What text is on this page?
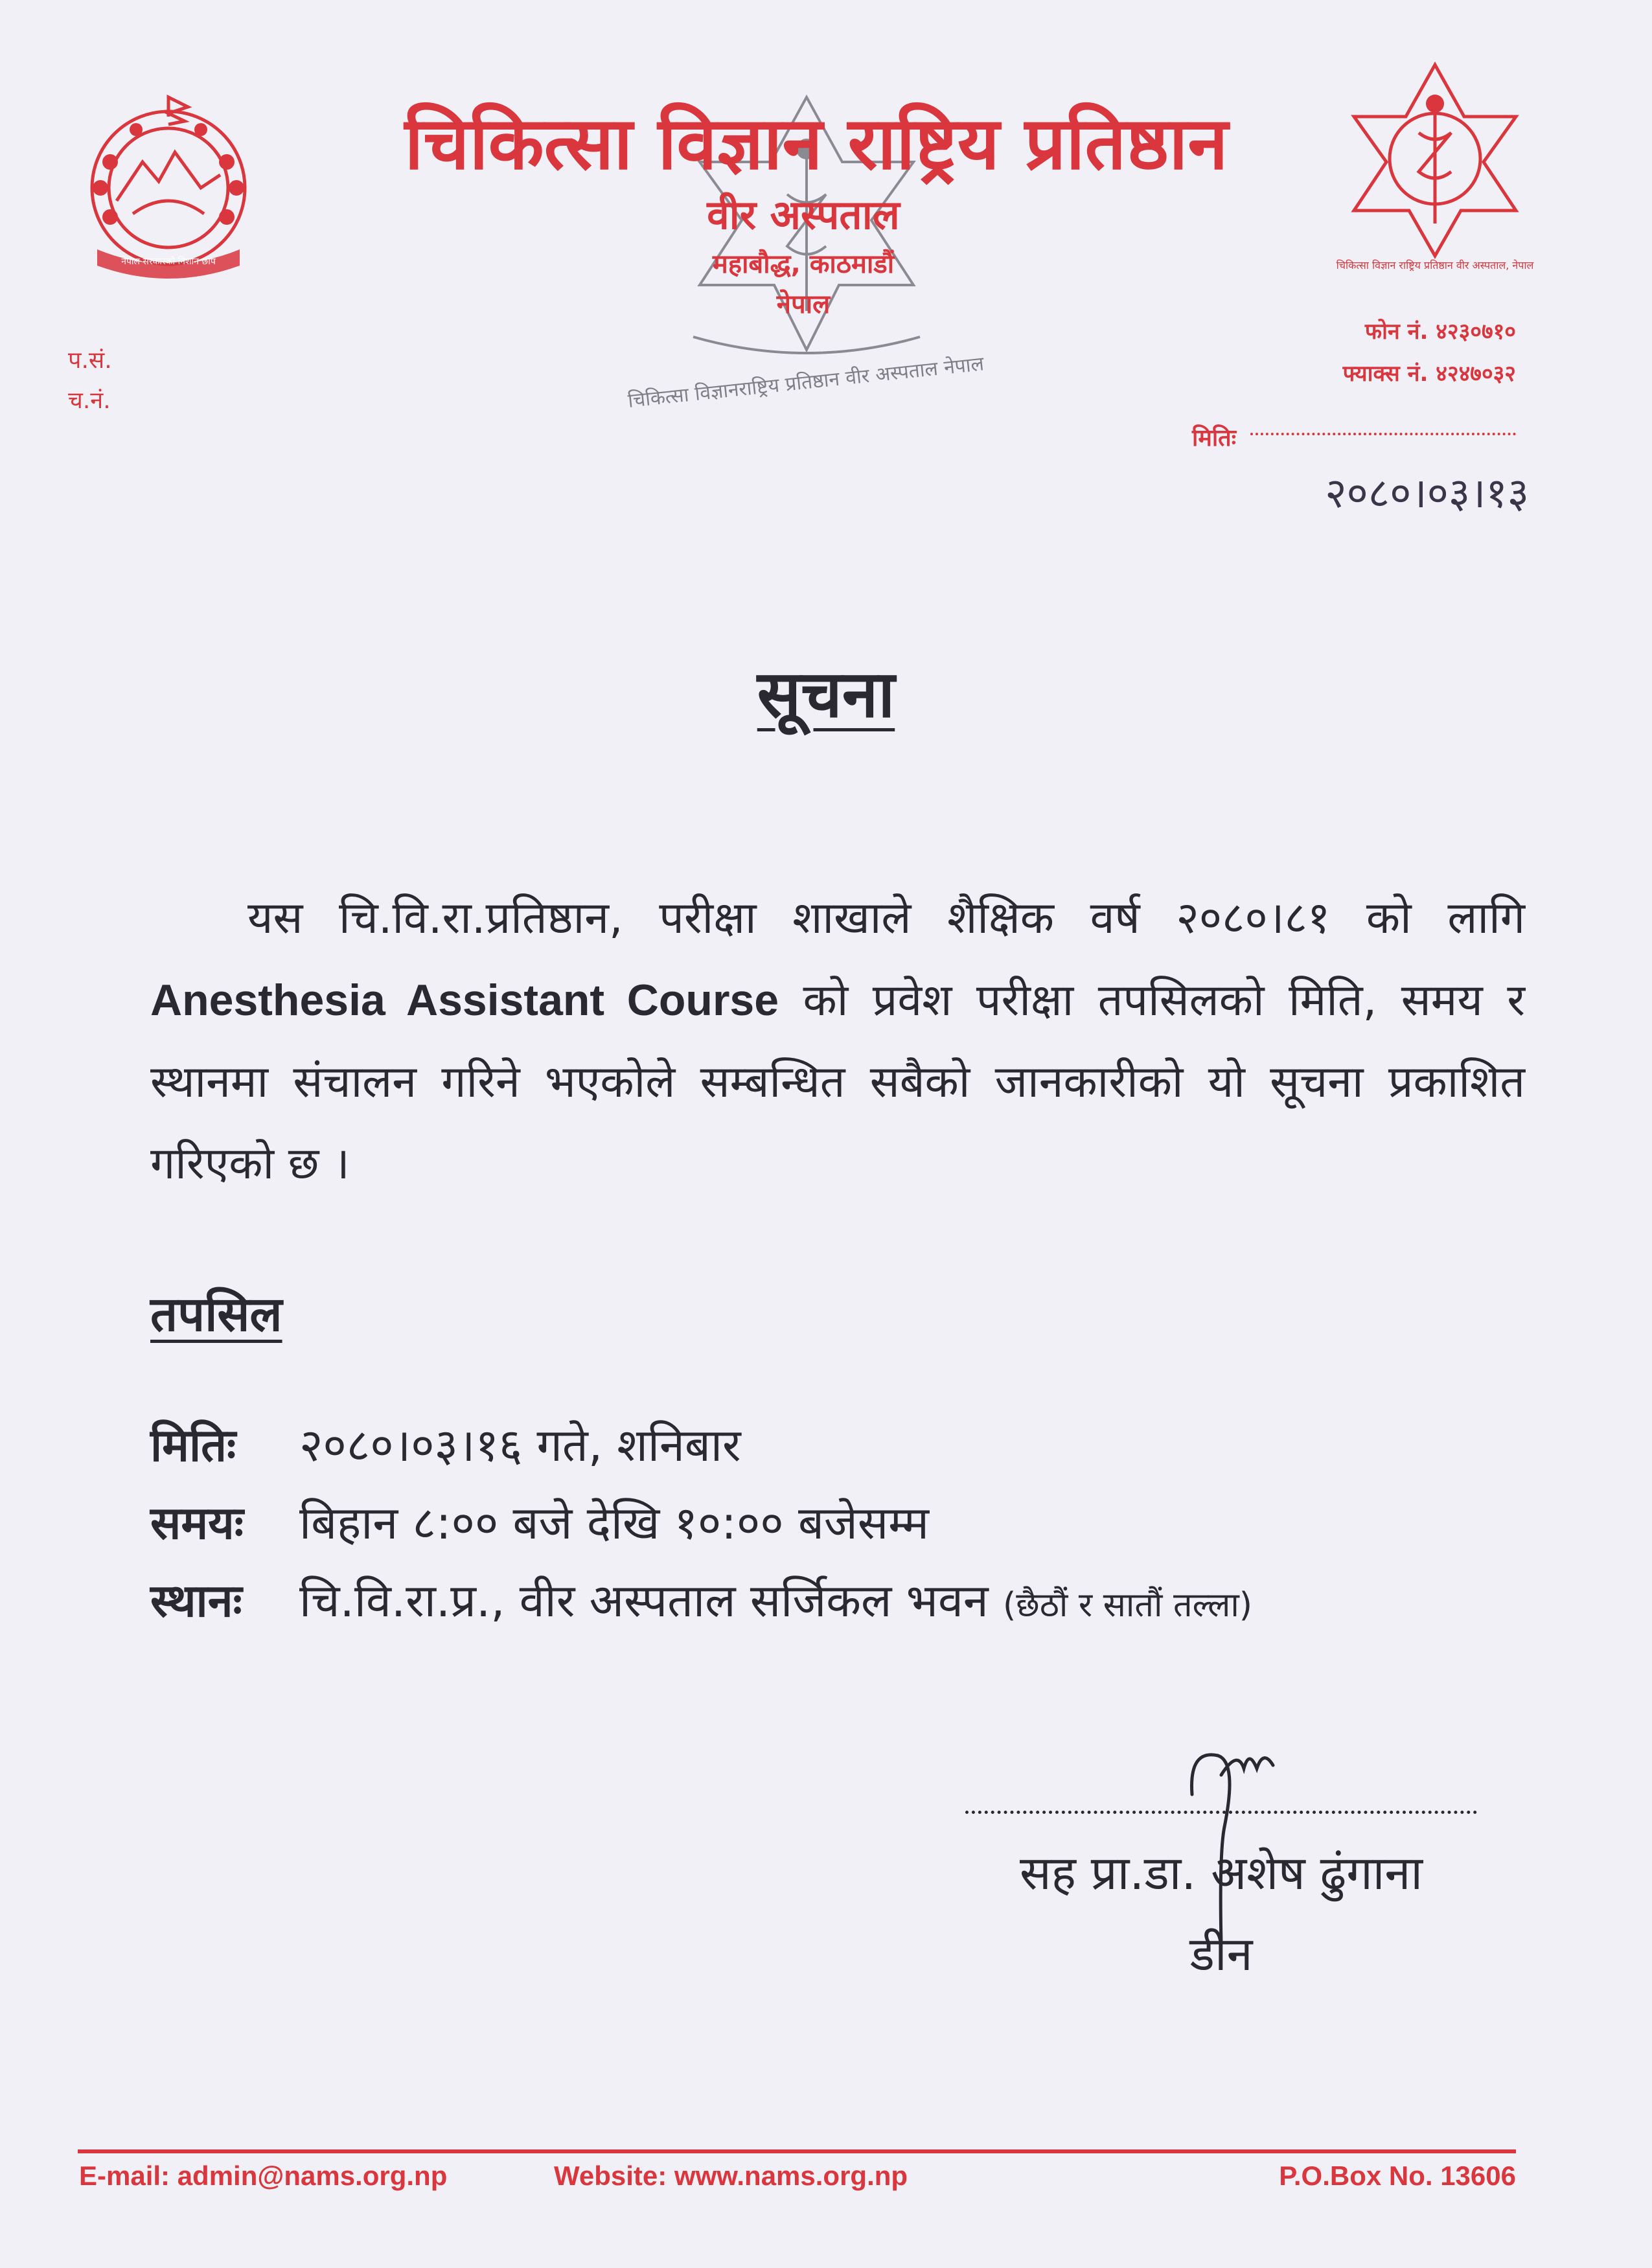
नेपाल सरकारको निशान छाप	चिकित्सा विज्ञान राष्ट्रिय प्रतिष्ठान वीर अस्पताल, नेपाल
चिकित्सा विज्ञानराष्ट्रिय प्रतिष्ठान वीर अस्पताल नेपाल
चिकित्सा विज्ञान राष्ट्रिय प्रतिष्ठान
वीर अस्पताल
महाबौद्ध, काठमाडौं
नेपाल
प.सं.
च.नं.
फोन नं. ४२३०७१०
फ्याक्स नं. ४२४७०३२
मितिः
२०८०।०३।१३
सूचना
यस चि.वि.रा.प्रतिष्ठान, परीक्षा शाखाले शैक्षिक वर्ष २०८०।८१ को लागि Anesthesia Assistant Course को प्रवेश परीक्षा तपसिलको मिति, समय र स्थानमा संचालन गरिने भएकोले सम्बन्धित सबैको जानकारीको यो सूचना प्रकाशित गरिएको छ ।
तपसिल
मितिः २०८०।०३।१६ गते, शनिबार
समयः बिहान ८:०० बजे देखि १०:०० बजेसम्म
स्थानः चि.वि.रा.प्र., वीर अस्पताल सर्जिकल भवन (छैठौं र सातौं तल्ला)
सह प्रा.डा. अशेष ढुंगाना
डीन
E-mail: admin@nams.org.np	Website: www.nams.org.np	P.O.Box No. 13606
